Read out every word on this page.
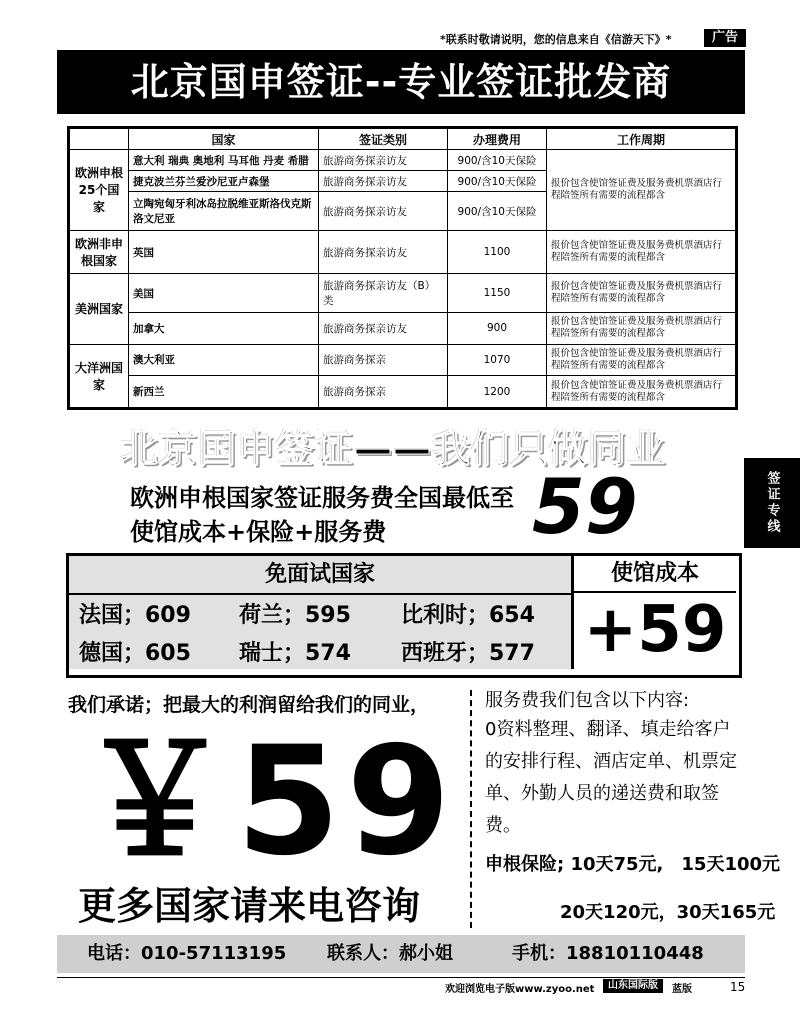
*联系时敬请说明，您的信息来自《信游天下》*	广告
北京国申签证--专业签证批发商
	国家	签证类别	办理费用	工作周期
欧洲申根25个国家	意大利 瑞典 奥地利 马耳他 丹麦 希腊	旅游商务探亲访友	900/含10天保险	报价包含使馆签证费及服务费机票酒店行程陪签所有需要的流程都含
	捷克波兰芬兰爱沙尼亚卢森堡	旅游商务探亲访友	900/含10天保险	
	立陶宛匈牙利冰岛拉脱维亚斯洛伐克斯洛文尼亚	旅游商务探亲访友	900/含10天保险	
欧洲非申根国家	英国	旅游商务探亲访友	1100	报价包含使馆签证费及服务费机票酒店行程陪签所有需要的流程都含
美洲国家	美国	旅游商务探亲访友（B）类	1150	报价包含使馆签证费及服务费机票酒店行程陪签所有需要的流程都含
	加拿大	旅游商务探亲访友	900	报价包含使馆签证费及服务费机票酒店行程陪签所有需要的流程都含
大洋洲国家	澳大利亚	旅游商务探亲	1070	报价包含使馆签证费及服务费机票酒店行程陪签所有需要的流程都含
	新西兰	旅游商务探亲	1200	报价包含使馆签证费及服务费机票酒店行程陪签所有需要的流程都含
北京国申签证——我们只做同业
欧洲申根国家签证服务费全国最低至
使馆成本+保险+服务费 59	签证专线
免面试国家
法国；609 荷兰；595 比利时；654
德国；605 瑞士；574 西班牙；577
使馆成本
+59
我们承诺；把最大的利润留给我们的同业，
￥59
更多国家请来电咨询
服务费我们包含以下内容:
0资料整理、翻译、填走给客户的安排行程、酒店定单、机票定单、外勤人员的递送费和取签费。
申根保险; 10天75元,　15天100元
20天120元，30天165元
电话：010-57113195 联系人：郝小姐	手机：18810110448
欢迎浏览电子版www.zyoo.net	山东国际版	蓝版	15
